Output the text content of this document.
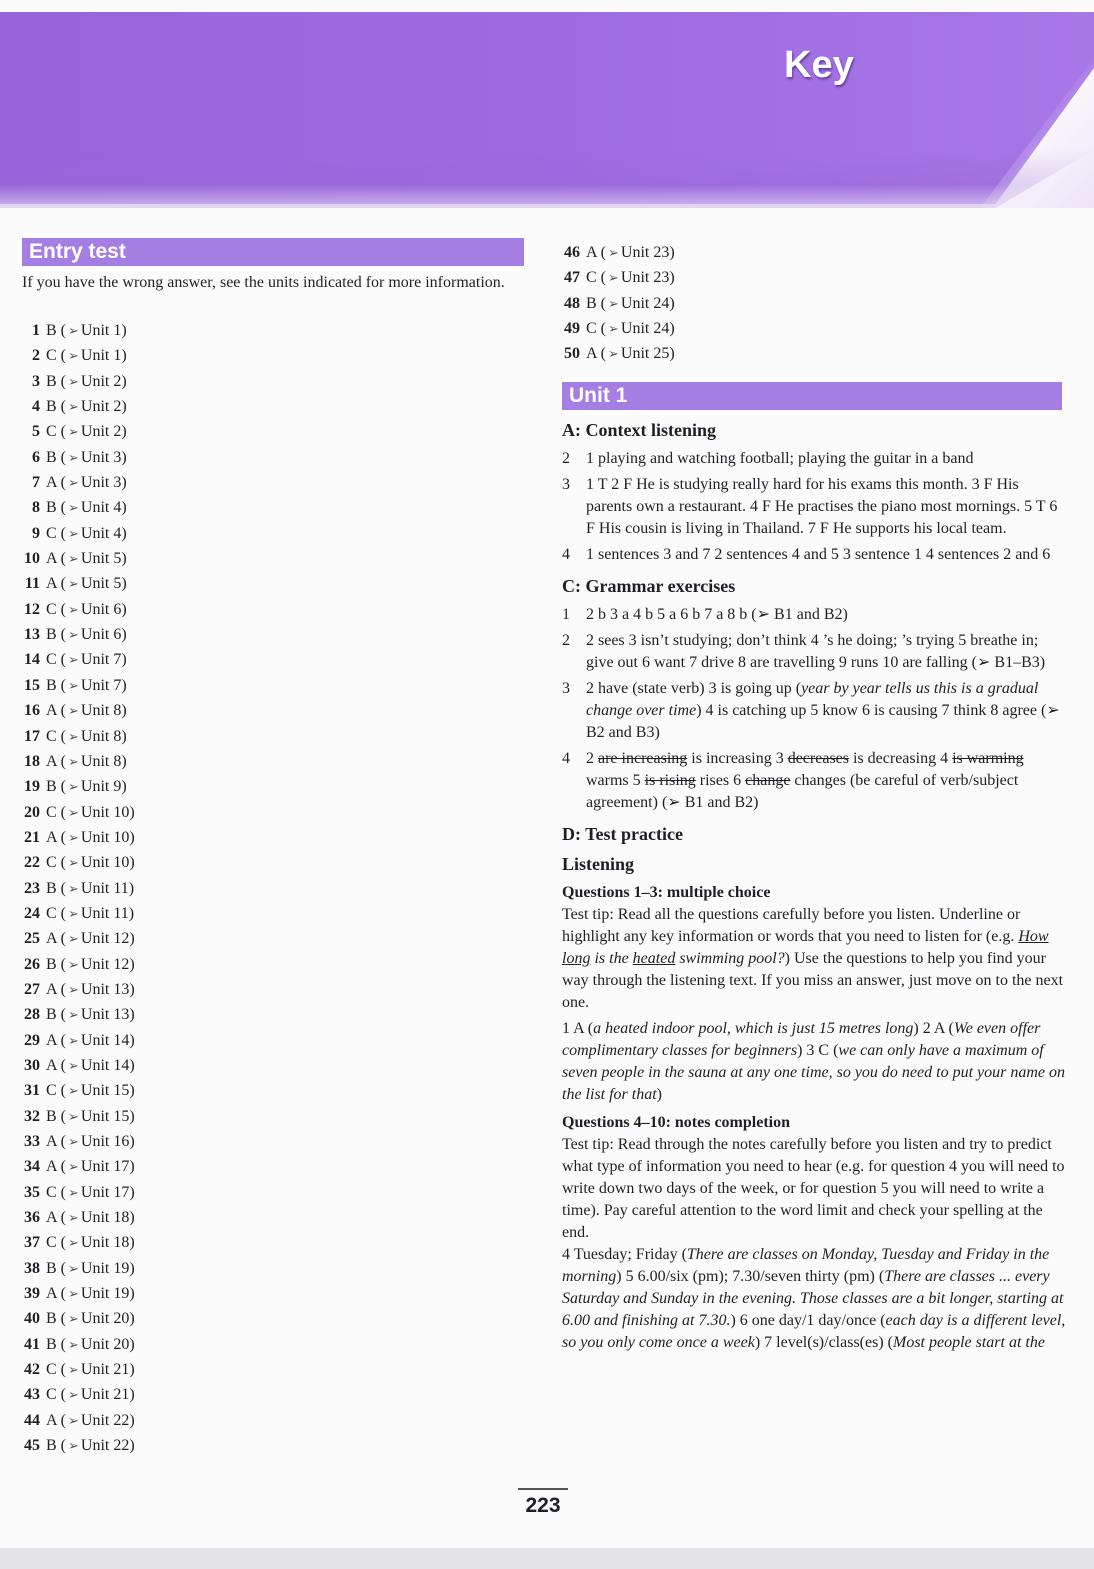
Key
Entry test
If you have the wrong answer, see the units indicated for more information.
1 B ( ➢ Unit 1)
2 C ( ➢ Unit 1)
3 B ( ➢ Unit 2)
4 B ( ➢ Unit 2)
5 C ( ➢ Unit 2)
6 B ( ➢ Unit 3)
7 A ( ➢ Unit 3)
8 B ( ➢ Unit 4)
9 C ( ➢ Unit 4)
10 A ( ➢ Unit 5)
11 A ( ➢ Unit 5)
12 C ( ➢ Unit 6)
13 B ( ➢ Unit 6)
14 C ( ➢ Unit 7)
15 B ( ➢ Unit 7)
16 A ( ➢ Unit 8)
17 C ( ➢ Unit 8)
18 A ( ➢ Unit 8)
19 B ( ➢ Unit 9)
20 C ( ➢ Unit 10)
21 A ( ➢ Unit 10)
22 C ( ➢ Unit 10)
23 B ( ➢ Unit 11)
24 C ( ➢ Unit 11)
25 A ( ➢ Unit 12)
26 B ( ➢ Unit 12)
27 A ( ➢ Unit 13)
28 B ( ➢ Unit 13)
29 A ( ➢ Unit 14)
30 A ( ➢ Unit 14)
31 C ( ➢ Unit 15)
32 B ( ➢ Unit 15)
33 A ( ➢ Unit 16)
34 A ( ➢ Unit 17)
35 C ( ➢ Unit 17)
36 A ( ➢ Unit 18)
37 C ( ➢ Unit 18)
38 B ( ➢ Unit 19)
39 A ( ➢ Unit 19)
40 B ( ➢ Unit 20)
41 B ( ➢ Unit 20)
42 C ( ➢ Unit 21)
43 C ( ➢ Unit 21)
44 A ( ➢ Unit 22)
45 B ( ➢ Unit 22)
46 A ( ➢ Unit 23)
47 C ( ➢ Unit 23)
48 B ( ➢ Unit 24)
49 C ( ➢ Unit 24)
50 A ( ➢ Unit 25)
Unit 1
A: Context listening
2	1 playing and watching football; playing the guitar in a band
3	1 T 2 F He is studying really hard for his exams this month. 3 F His parents own a restaurant. 4 F He practises the piano most mornings. 5 T 6 F His cousin is living in Thailand. 7 F He supports his local team.
4	1 sentences 3 and 7 2 sentences 4 and 5 3 sentence 1 4 sentences 2 and 6
C: Grammar exercises
1	2 b 3 a 4 b 5 a 6 b 7 a 8 b (➢ B1 and B2)
2	2 sees 3 isn’t studying; don’t think 4 ’s he doing; ’s trying 5 breathe in; give out 6 want 7 drive 8 are travelling 9 runs 10 are falling (➢ B1–B3)
3	2 have (state verb) 3 is going up (year by year tells us this is a gradual change over time) 4 is catching up 5 know 6 is causing 7 think 8 agree (➢ B2 and B3)
4	2 are increasing is increasing 3 decreases is decreasing 4 is warming warms 5 is rising rises 6 change changes (be careful of verb/subject agreement) (➢ B1 and B2)
D: Test practice
Listening
Questions 1–3: multiple choice
Test tip: Read all the questions carefully before you listen. Underline or highlight any key information or words that you need to listen for (e.g. How long is the heated swimming pool?) Use the questions to help you find your way through the listening text. If you miss an answer, just move on to the next one.
1 A (a heated indoor pool, which is just 15 metres long) 2 A (We even offer complimentary classes for beginners) 3 C (we can only have a maximum of seven people in the sauna at any one time, so you do need to put your name on the list for that)
Questions 4–10: notes completion
Test tip: Read through the notes carefully before you listen and try to predict what type of information you need to hear (e.g. for question 4 you will need to write down two days of the week, or for question 5 you will need to write a time). Pay careful attention to the word limit and check your spelling at the end.
4 Tuesday; Friday (There are classes on Monday, Tuesday and Friday in the morning) 5 6.00/six (pm); 7.30/seven thirty (pm) (There are classes ... every Saturday and Sunday in the evening. Those classes are a bit longer, starting at 6.00 and finishing at 7.30.) 6 one day/1 day/once (each day is a different level, so you only come once a week) 7 level(s)/class(es) (Most people start at the
223
